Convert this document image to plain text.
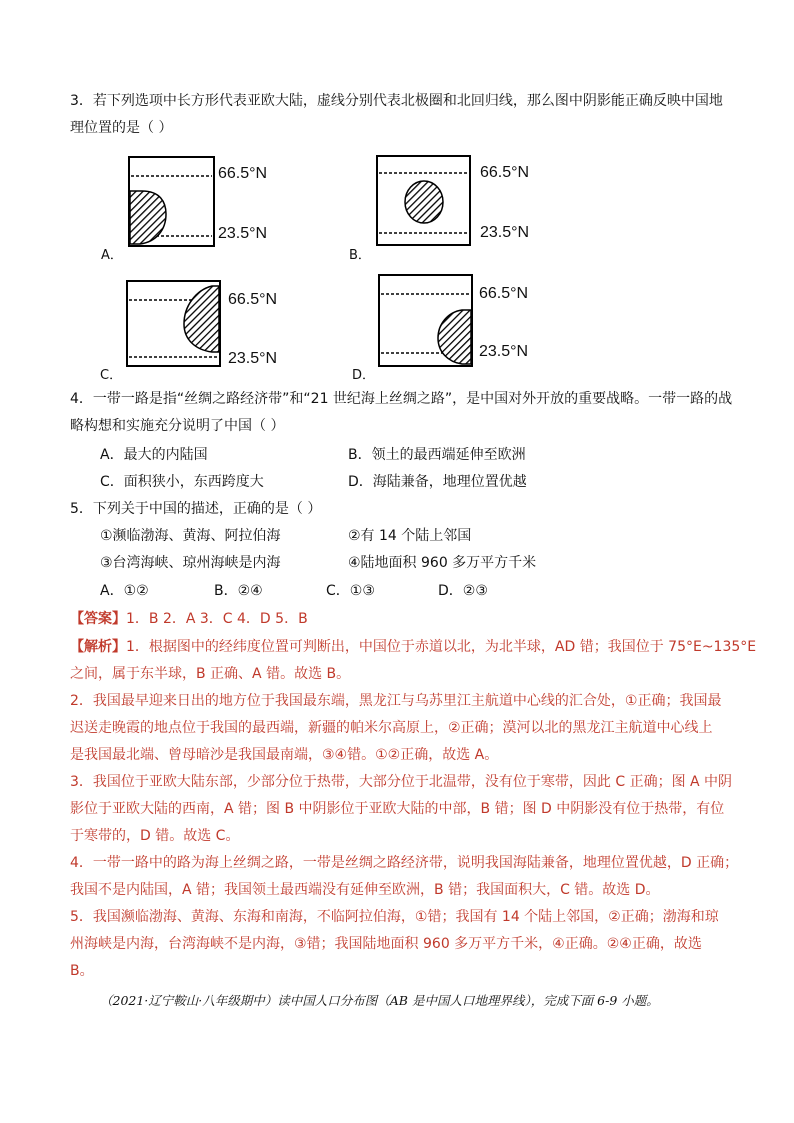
3．若下列选项中长方形代表亚欧大陆，虚线分别代表北极圈和北回归线，那么图中阴影能正确反映中国地
理位置的是（ ）
66.5°N
23.5°N
A．
66.5°N
23.5°N
B．
66.5°N
23.5°N
C．
66.5°N
23.5°N
D．
4．一带一路是指“丝绸之路经济带”和“21 世纪海上丝绸之路”，是中国对外开放的重要战略。一带一路的战
略构想和实施充分说明了中国（ ）
A．最大的内陆国	B．领土的最西端延伸至欧洲
C．面积狭小，东西跨度大	D．海陆兼备，地理位置优越
5．下列关于中国的描述，正确的是（ ）
①濒临渤海、黄海、阿拉伯海	②有 14 个陆上邻国
③台湾海峡、琼州海峡是内海	④陆地面积 960 多万平方千米
A．①②	B．②④	C．①③	D．②③
【答案】1．B 2．A 3．C 4．D 5．B
【解析】1．根据图中的经纬度位置可判断出，中国位于赤道以北，为北半球，AD 错；我国位于 75°E~135°E
之间，属于东半球，B 正确、A 错。故选 B。
2．我国最早迎来日出的地方位于我国最东端，黑龙江与乌苏里江主航道中心线的汇合处，①正确；我国最
迟送走晚霞的地点位于我国的最西端，新疆的帕米尔高原上，②正确；漠河以北的黑龙江主航道中心线上
是我国最北端、曾母暗沙是我国最南端，③④错。①②正确，故选 A。
3．我国位于亚欧大陆东部，少部分位于热带，大部分位于北温带，没有位于寒带，因此 C 正确；图 A 中阴
影位于亚欧大陆的西南，A 错；图 B 中阴影位于亚欧大陆的中部，B 错；图 D 中阴影没有位于热带，有位
于寒带的，D 错。故选 C。
4．一带一路中的路为海上丝绸之路，一带是丝绸之路经济带，说明我国海陆兼备，地理位置优越，D 正确；
我国不是内陆国，A 错；我国领土最西端没有延伸至欧洲，B 错；我国面积大，C 错。故选 D。
5．我国濒临渤海、黄海、东海和南海，不临阿拉伯海，①错；我国有 14 个陆上邻国，②正确；渤海和琼
州海峡是内海，台湾海峡不是内海，③错；我国陆地面积 960 多万平方千米，④正确。②④正确，故选
B。
（2021·辽宁鞍山·八年级期中）读中国人口分布图（AB 是中国人口地理界线），完成下面 6-9 小题。
